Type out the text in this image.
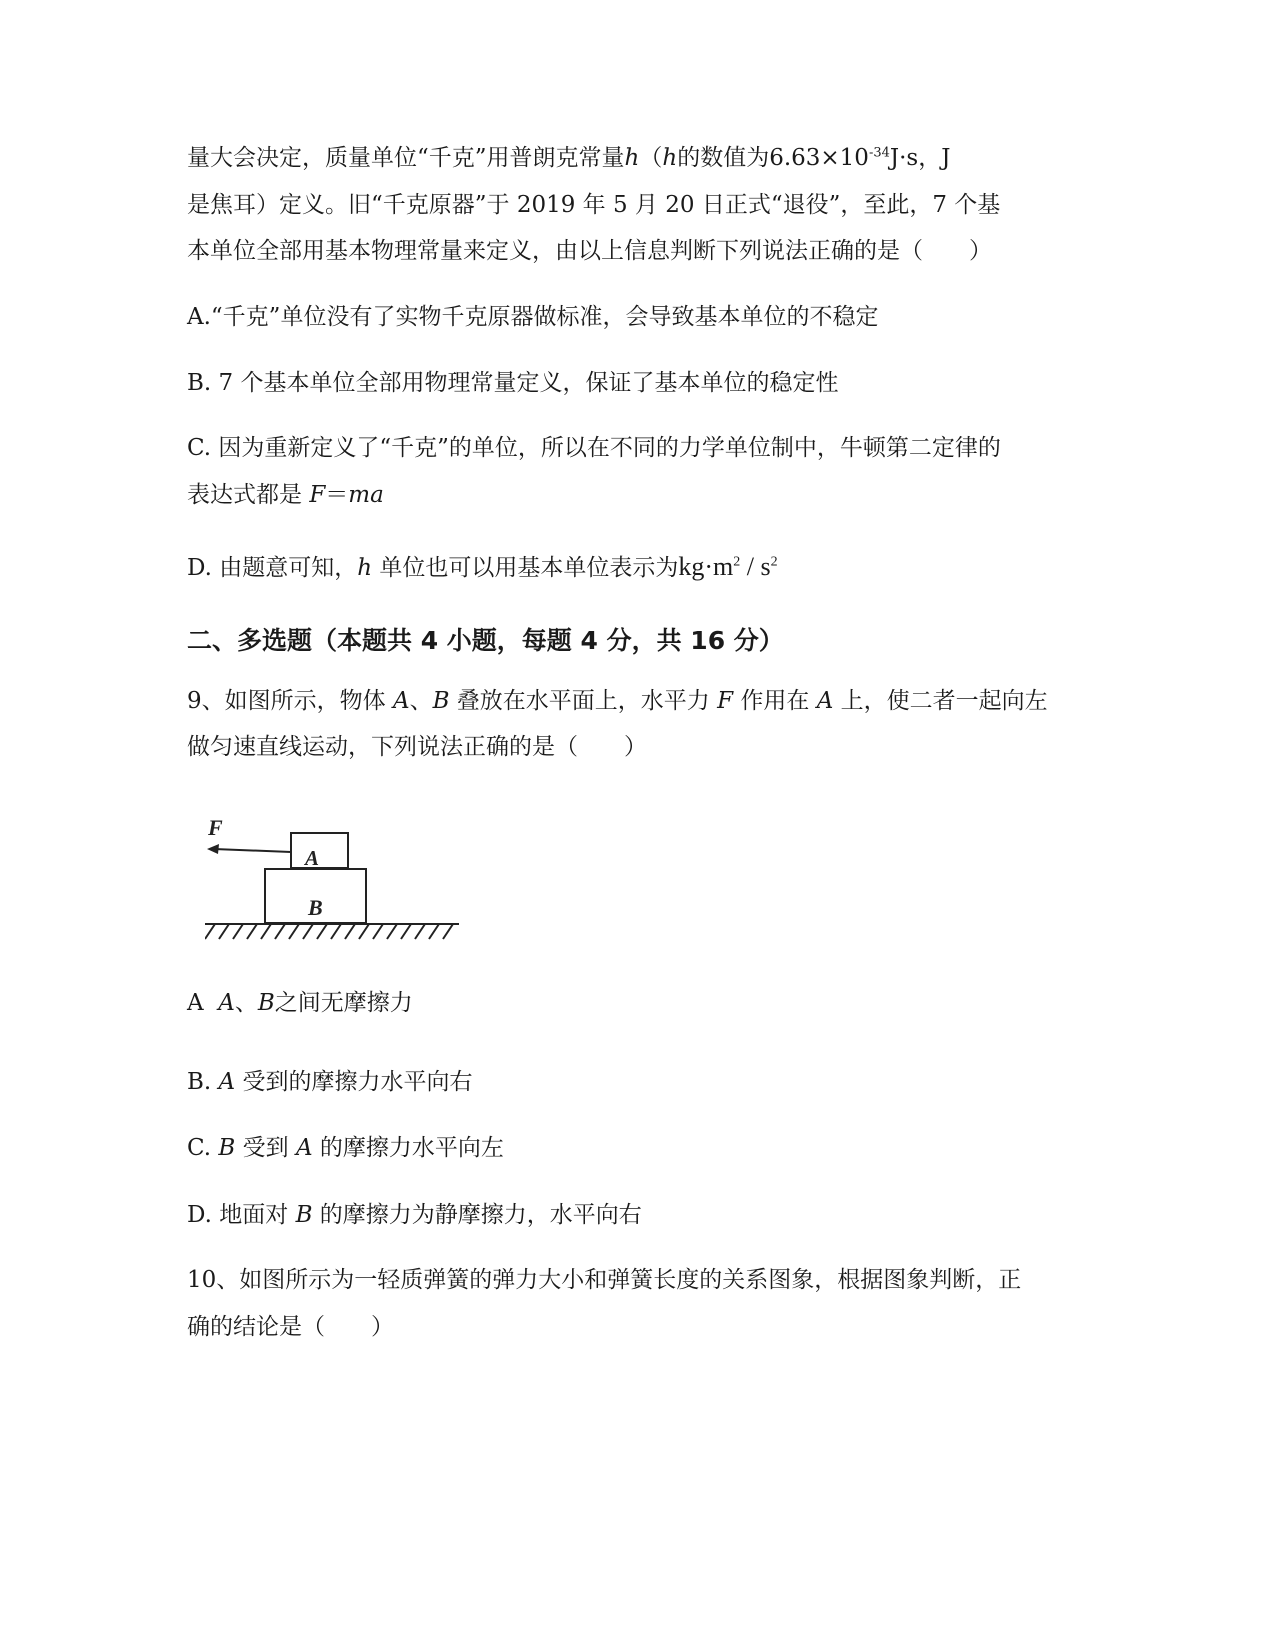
量大会决定，质量单位“千克”用普朗克常量h（h的数值为$6.63\times 10^{-34}J\cdot s$，J
是焦耳）定义。旧“千克原器”于 2019 年 5 月 20 日正式“退役”，至此，7 个基
本单位全部用基本物理常量来定义，由以上信息判断下列说法正确的是（　　）
A.“千克”单位没有了实物千克原器做标准，会导致基本单位的不稳定
B. 7 个基本单位全部用物理常量定义，保证了基本单位的稳定性
C. 因为重新定义了“千克”的单位，所以在不同的力学单位制中，牛顿第二定律的
表达式都是 F＝ma
D. 由题意可知，h 单位也可以用基本单位表示为$kg\cdot m^2 / s^2$
二、多选题（本题共 4 小题，每题 4 分，共 16 分）
9、如图所示，物体 A、B 叠放在水平面上，水平力 F 作用在 A 上，使二者一起向左
做匀速直线运动，下列说法正确的是（　　）
F
A
B
A A、B之间无摩擦力
B. A 受到的摩擦力水平向右
C. B 受到 A 的摩擦力水平向左
D. 地面对 B 的摩擦力为静摩擦力，水平向右
10、如图所示为一轻质弹簧的弹力大小和弹簧长度的关系图象，根据图象判断，正
确的结论是（　　）
